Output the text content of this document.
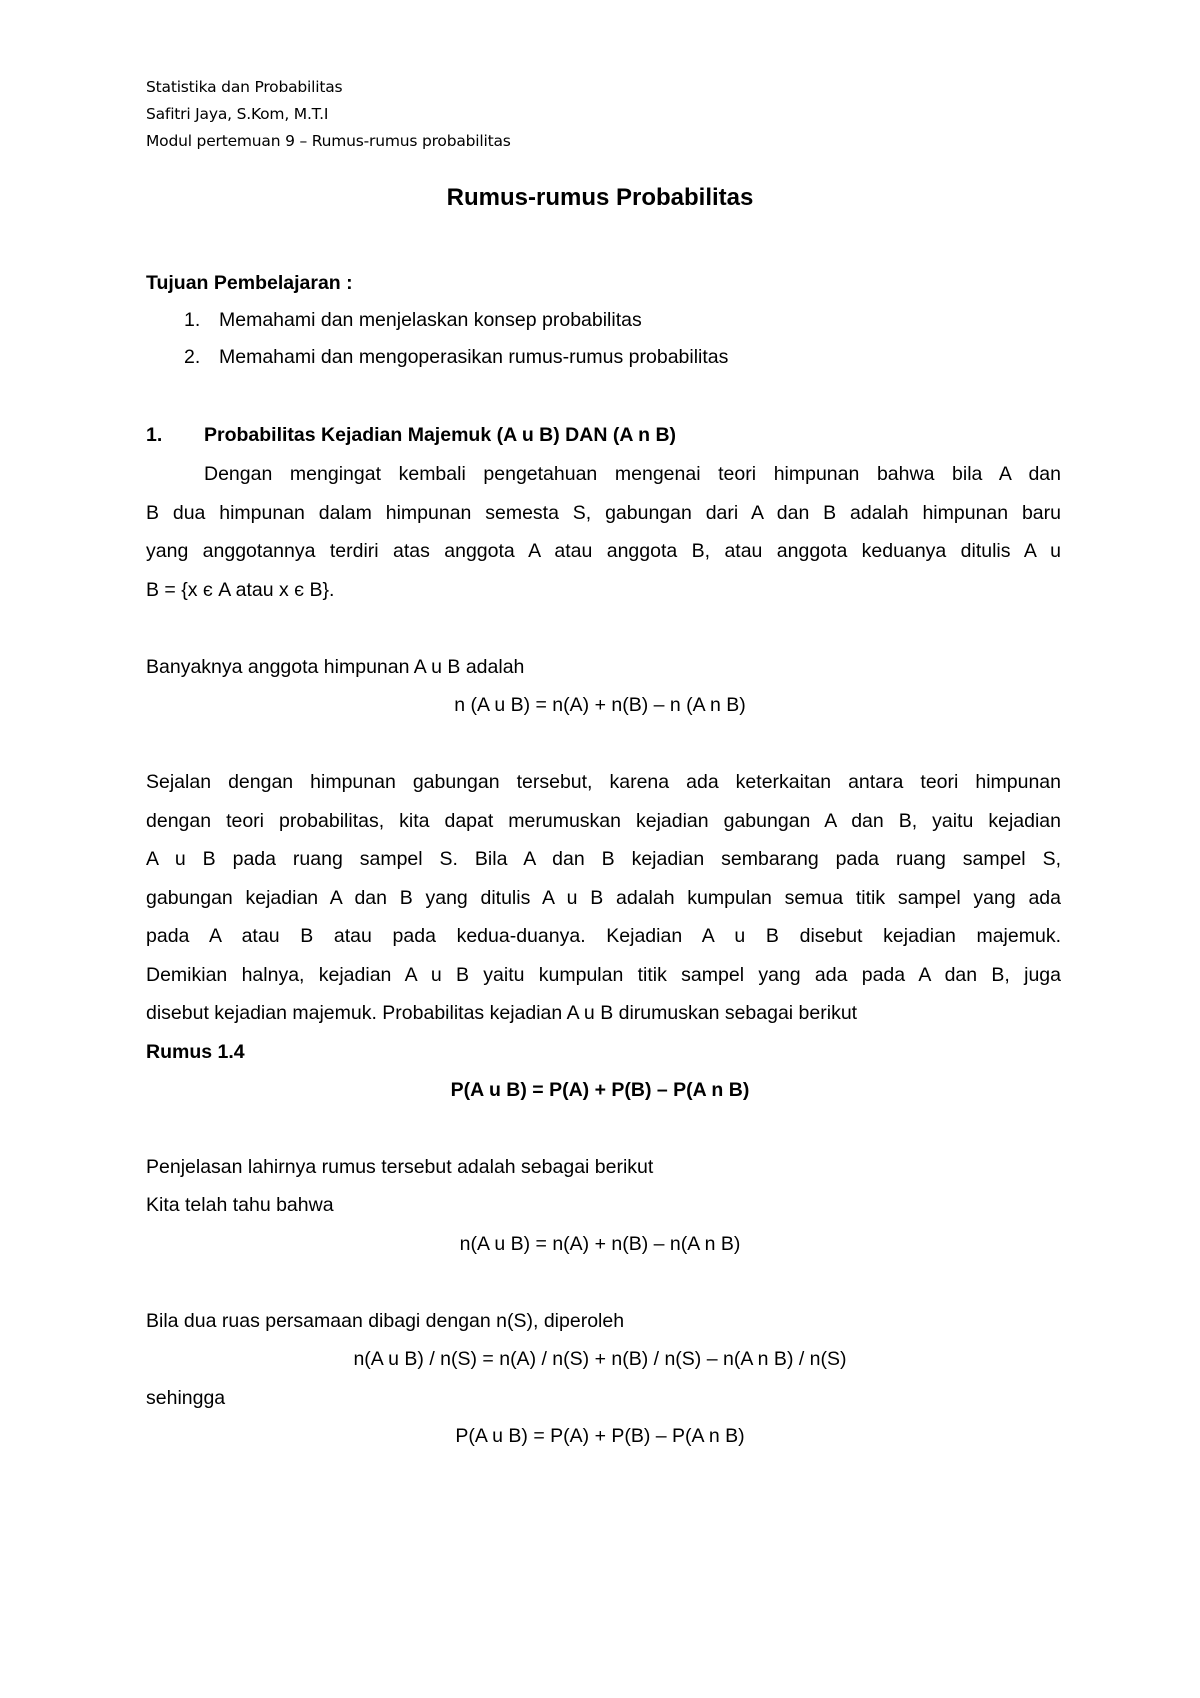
Statistika dan Probabilitas
Safitri Jaya, S.Kom, M.T.I
Modul pertemuan 9 – Rumus-rumus probabilitas
Rumus-rumus Probabilitas
Tujuan Pembelajaran :
1. Memahami dan menjelaskan konsep probabilitas
2. Memahami dan mengoperasikan rumus-rumus probabilitas
1. Probabilitas Kejadian Majemuk (A u B) DAN (A n B)
Dengan mengingat kembali pengetahuan mengenai teori himpunan bahwa bila A dan
B dua himpunan dalam himpunan semesta S, gabungan dari A dan B adalah himpunan baru
yang anggotannya terdiri atas anggota A atau anggota B, atau anggota keduanya ditulis A u
B = {x є A atau x є B}.
Banyaknya anggota himpunan A u B adalah
n (A u B) = n(A) + n(B) – n (A n B)
Sejalan dengan himpunan gabungan tersebut, karena ada keterkaitan antara teori himpunan
dengan teori probabilitas, kita dapat merumuskan kejadian gabungan A dan B, yaitu kejadian
A u B pada ruang sampel S. Bila A dan B kejadian sembarang pada ruang sampel S,
gabungan kejadian A dan B yang ditulis A u B adalah kumpulan semua titik sampel yang ada
pada A atau B atau pada kedua-duanya. Kejadian A u B disebut kejadian majemuk.
Demikian halnya, kejadian A u B yaitu kumpulan titik sampel yang ada pada A dan B, juga
disebut kejadian majemuk. Probabilitas kejadian A u B dirumuskan sebagai berikut
Rumus 1.4
P(A u B) = P(A) + P(B) – P(A n B)
Penjelasan lahirnya rumus tersebut adalah sebagai berikut
Kita telah tahu bahwa
n(A u B) = n(A) + n(B) – n(A n B)
Bila dua ruas persamaan dibagi dengan n(S), diperoleh
n(A u B) / n(S) = n(A) / n(S) + n(B) / n(S) – n(A n B) / n(S)
sehingga
P(A u B) = P(A) + P(B) – P(A n B)
